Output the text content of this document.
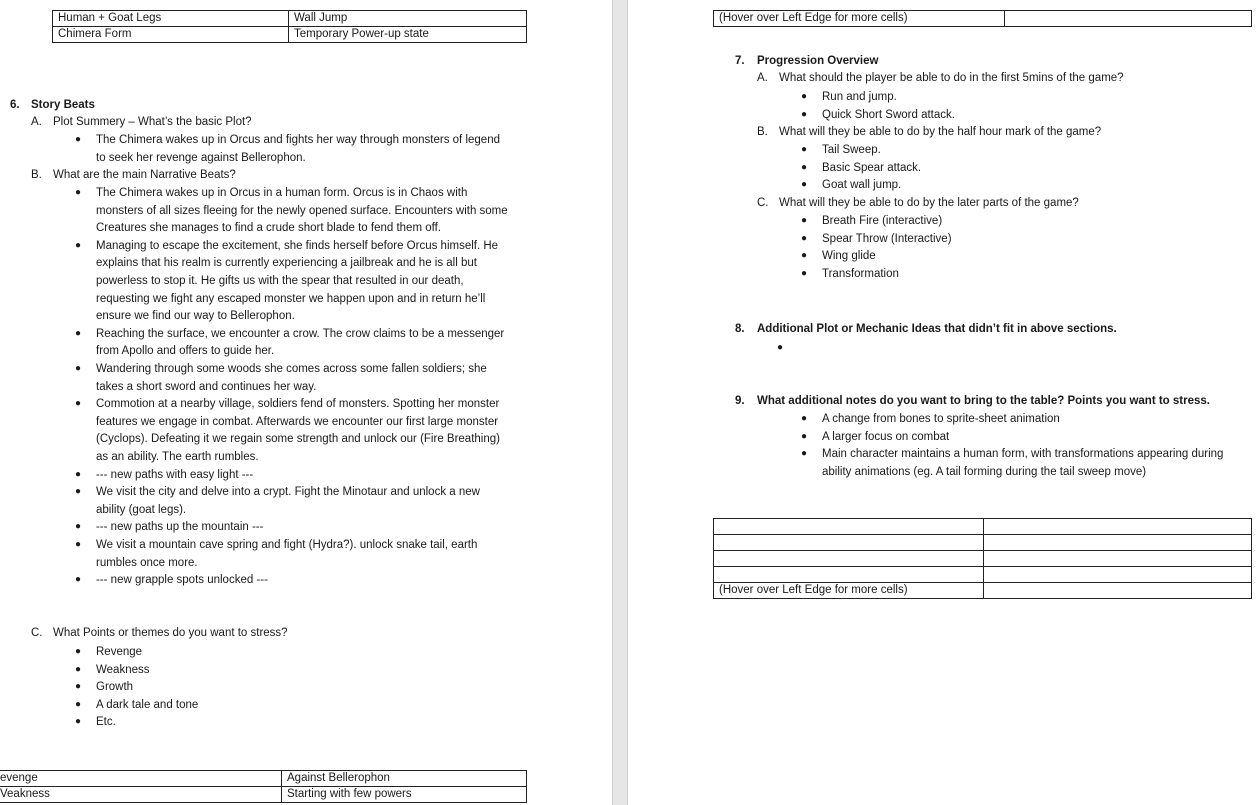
Human + Goat Legs	Wall Jump
Chimera Form	Temporary Power-up state
6. Story Beats
A. Plot Summery – What’s the basic Plot?
B. What are the main Narrative Beats?
C. What Points or themes do you want to stress?
evenge	Against Bellerophon
Veakness	Starting with few powers
● The Chimera wakes up in Orcus and fights her way through monsters of legend
to seek her revenge against Bellerophon.
● The Chimera wakes up in Orcus in a human form. Orcus is in Chaos with
monsters of all sizes fleeing for the newly opened surface. Encounters with some
Creatures she manages to find a crude short blade to fend them off.
● Managing to escape the excitement, she finds herself before Orcus himself. He
explains that his realm is currently experiencing a jailbreak and he is all but
powerless to stop it. He gifts us with the spear that resulted in our death,
requesting we fight any escaped monster we happen upon and in return he’ll
ensure we find our way to Bellerophon.
● Reaching the surface, we encounter a crow. The crow claims to be a messenger
from Apollo and offers to guide her.
● Wandering through some woods she comes across some fallen soldiers; she
takes a short sword and continues her way.
● Commotion at a nearby village, soldiers fend of monsters. Spotting her monster
features we engage in combat. Afterwards we encounter our first large monster
(Cyclops). Defeating it we regain some strength and unlock our (Fire Breathing)
as an ability. The earth rumbles.
● --- new paths with easy light ---
● We visit the city and delve into a crypt. Fight the Minotaur and unlock a new
ability (goat legs).
● --- new paths up the mountain ---
● We visit a mountain cave spring and fight (Hydra?). unlock snake tail, earth
rumbles once more.
● --- new grapple spots unlocked ---
● Revenge
● Weakness
● Growth
● A dark tale and tone
● Etc.
(Hover over Left Edge for more cells)	
7. Progression Overview
A. What should the player be able to do in the first 5mins of the game?
B. What will they be able to do by the half hour mark of the game?
C. What will they be able to do by the later parts of the game?
8. Additional Plot or Mechanic Ideas that didn’t fit in above sections.
●
9. What additional notes do you want to bring to the table? Points you want to stress.

(Hover over Left Edge for more cells)	
● Run and jump.
● Quick Short Sword attack.
● Tail Sweep.
● Basic Spear attack.
● Goat wall jump.
● Breath Fire (interactive)
● Spear Throw (Interactive)
● Wing glide
● Transformation
● A change from bones to sprite-sheet animation
● A larger focus on combat
● Main character maintains a human form, with transformations appearing during
ability animations (eg. A tail forming during the tail sweep move)
